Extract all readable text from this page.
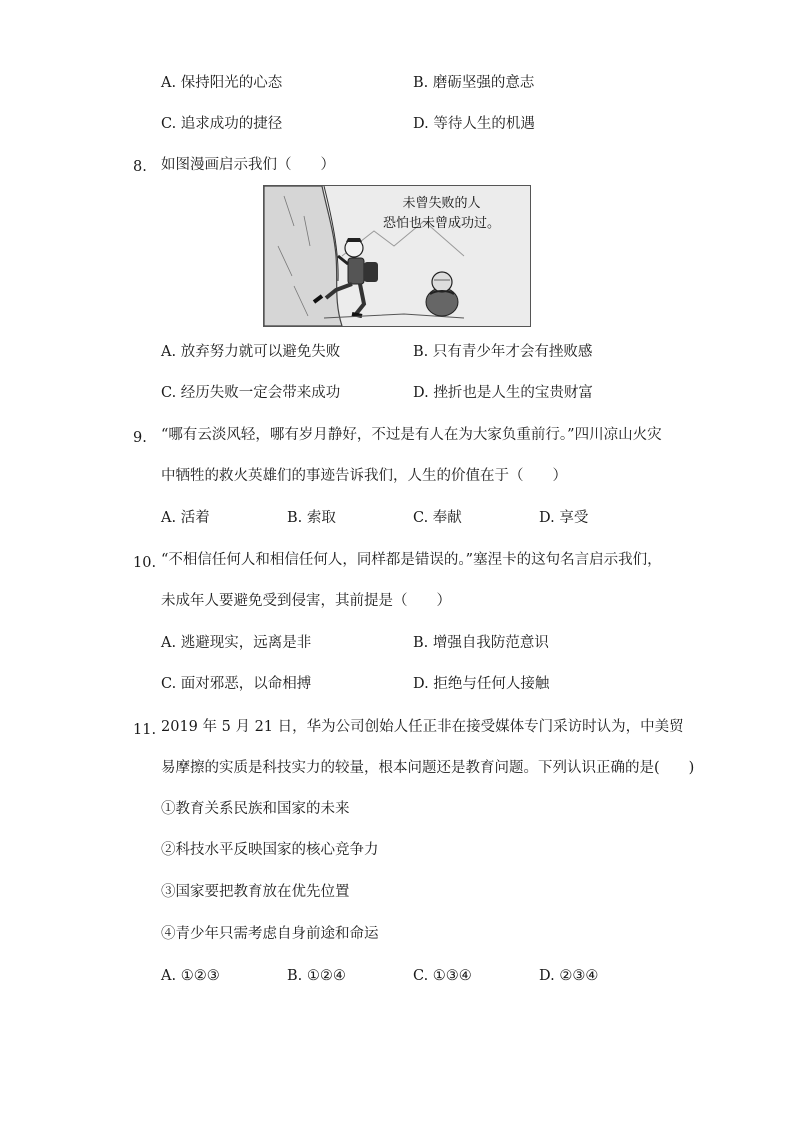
A. 保持阳光的心态	B. 磨砺坚强的意志
C. 追求成功的捷径	D. 等待人生的机遇
8. 如图漫画启示我们（　　）
未曾失败的人
恐怕也未曾成功过。
A. 放弃努力就可以避免失败	B. 只有青少年才会有挫败感
C. 经历失败一定会带来成功	D. 挫折也是人生的宝贵财富
9. “哪有云淡风轻，哪有岁月静好，不过是有人在为大家负重前行。”四川凉山火灾
中牺牲的救火英雄们的事迹告诉我们，人生的价值在于（　　）
A. 活着	B. 索取	C. 奉献	D. 享受
10. “不相信任何人和相信任何人，同样都是错误的。”塞涅卡的这句名言启示我们，
未成年人要避免受到侵害，其前提是（　　）
A. 逃避现实，远离是非	B. 增强自我防范意识
C. 面对邪恶，以命相搏	D. 拒绝与任何人接触
11. 2019 年 5 月 21 日，华为公司创始人任正非在接受媒体专门采访时认为，中美贸
易摩擦的实质是科技实力的较量，根本问题还是教育问题。下列认识正确的是(　　)
①教育关系民族和国家的未来
②科技水平反映国家的核心竞争力
③国家要把教育放在优先位置
④青少年只需考虑自身前途和命运
A. ①②③	B. ①②④	C. ①③④	D. ②③④
